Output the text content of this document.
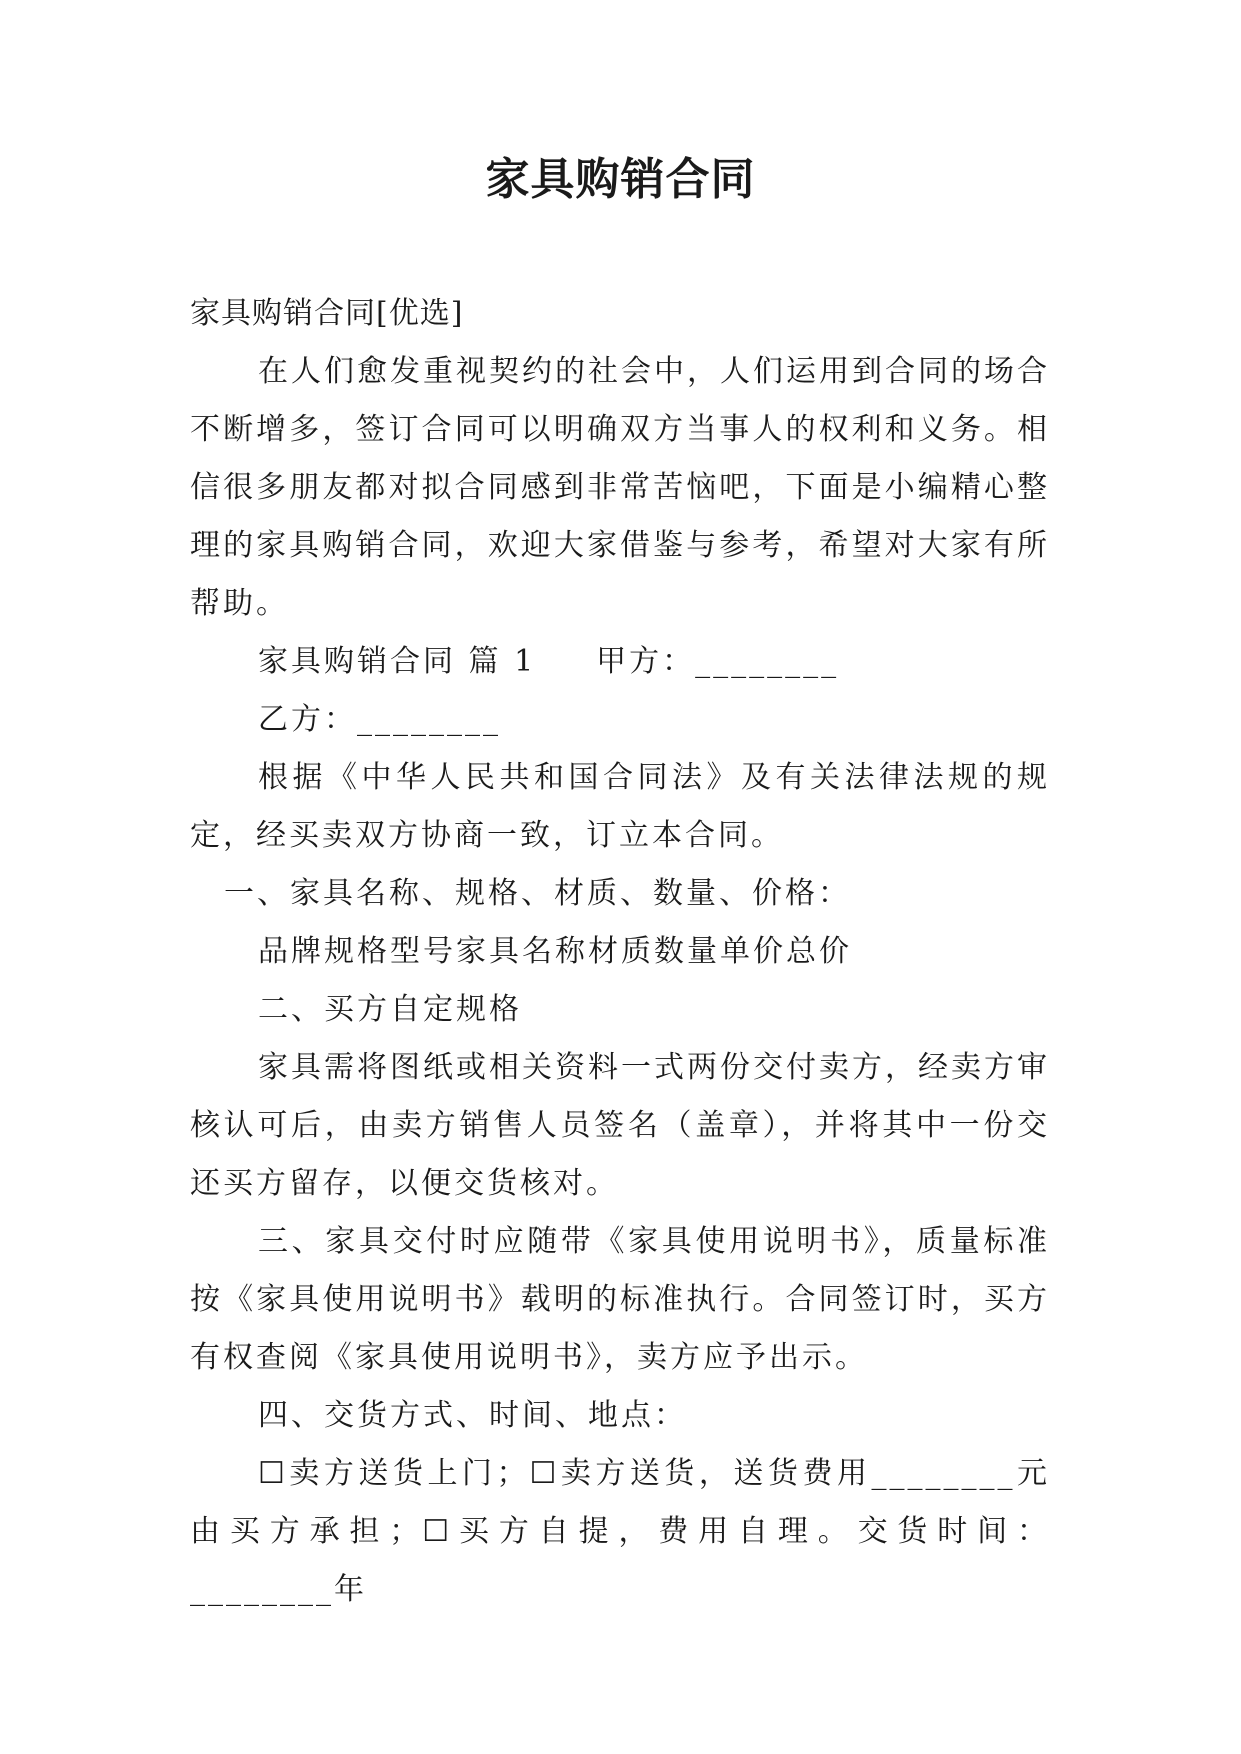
家具购销合同

家具购销合同[优选]

在人们愈发重视契约的社会中，人们运用到合同的场合不断增多，签订合同可以明确双方当事人的权利和义务。相信很多朋友都对拟合同感到非常苦恼吧，下面是小编精心整理的家具购销合同，欢迎大家借鉴与参考，希望对大家有所帮助。

家具购销合同 篇 1 甲方：________

乙方：________

根据《中华人民共和国合同法》及有关法律法规的规定，经买卖双方协商一致，订立本合同。

一、家具名称、规格、材质、数量、价格：

品牌规格型号家具名称材质数量单价总价

二、买方自定规格

家具需将图纸或相关资料一式两份交付卖方，经卖方审核认可后，由卖方销售人员签名（盖章），并将其中一份交还买方留存，以便交货核对。

三、家具交付时应随带《家具使用说明书》，质量标准按《家具使用说明书》载明的标准执行。合同签订时，买方有权查阅《家具使用说明书》，卖方应予出示。

四、交货方式、时间、地点：

☐卖方送货上门；☐卖方送货，送货费用________元由买方承担；☐买方自提，费用自理。交货时间：________年
